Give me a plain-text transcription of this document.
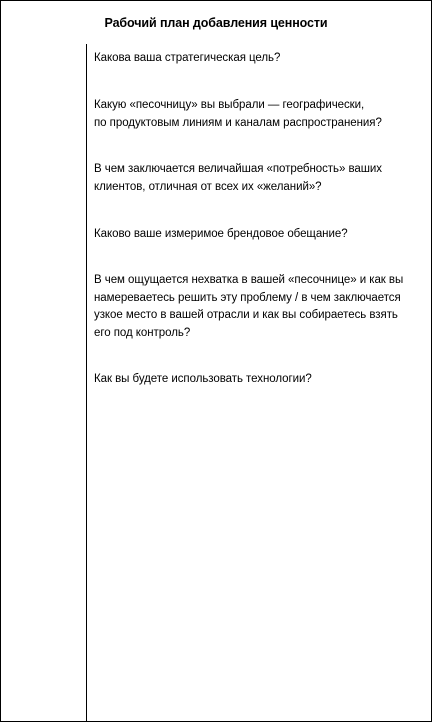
Рабочий план добавления ценности
Какова ваша стратегическая цель?
Какую «песочницу» вы выбрали — географически,
по продуктовым линиям и каналам распространения?
В чем заключается величайшая «потребность» ваших
клиентов, отличная от всех их «желаний»?
Каково ваше измеримое брендовое обещание?
В чем ощущается нехватка в вашей «песочнице» и как вы
намереваетесь решить эту проблему / в чем заключается
узкое место в вашей отрасли и как вы собираетесь взять
его под контроль?
Как вы будете использовать технологии?
